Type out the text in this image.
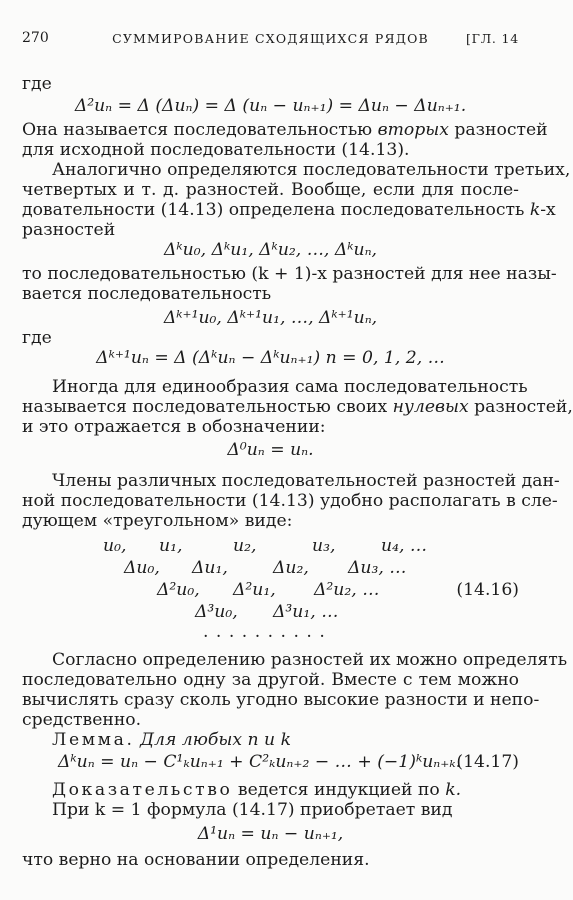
270	СУММИРОВАНИЕ СХОДЯЩИХСЯ РЯДОВ	[ГЛ. 14
где
Δ²uₙ = Δ (Δuₙ) = Δ (uₙ − uₙ₊₁) = Δuₙ − Δuₙ₊₁.
Она называется последовательностью вторых разностей
для исходной последовательности (14.13).
Аналогично определяются последовательности третьих,
четвертых и т. д. разностей. Вообще, если для после-
довательности (14.13) определена последовательность k-х
разностей
Δᵏu₀, Δᵏu₁, Δᵏu₂, …, Δᵏuₙ,
то последовательностью (k + 1)-х разностей для нее назы-
вается последовательность
Δᵏ⁺¹u₀, Δᵏ⁺¹u₁, …, Δᵏ⁺¹uₙ,
где
Δᵏ⁺¹uₙ = Δ (Δᵏuₙ − Δᵏuₙ₊₁) n = 0, 1, 2, …
Иногда для единообразия сама последовательность
называется последовательностью своих нулевых разностей,
и это отражается в обозначении:
Δ⁰uₙ = uₙ.
Члены различных последовательностей разностей дан-
ной последовательности (14.13) удобно располагать в сле-
дующем «треугольном» виде:
u₀, u₁,	u₂,	u₃,	u₄, …
Δu₀, Δu₁,	Δu₂, Δu₃, …
Δ²u₀, Δ²u₁, Δ²u₂, …
Δ³u₀, Δ³u₁, …
. . . . . . . . . .
(14.16)
Согласно определению разностей их можно определять
последовательно одну за другой. Вместе с тем можно
вычислять сразу сколь угодно высокие разности и непо-
средственно.
Лемма. Для любых n и k
Δᵏuₙ = uₙ − C¹ₖuₙ₊₁ + C²ₖuₙ₊₂ − … + (−1)ᵏuₙ₊ₖ.
(14.17)
Доказательство ведется индукцией по k.
При k = 1 формула (14.17) приобретает вид
Δ¹uₙ = uₙ − uₙ₊₁,
что верно на основании определения.
